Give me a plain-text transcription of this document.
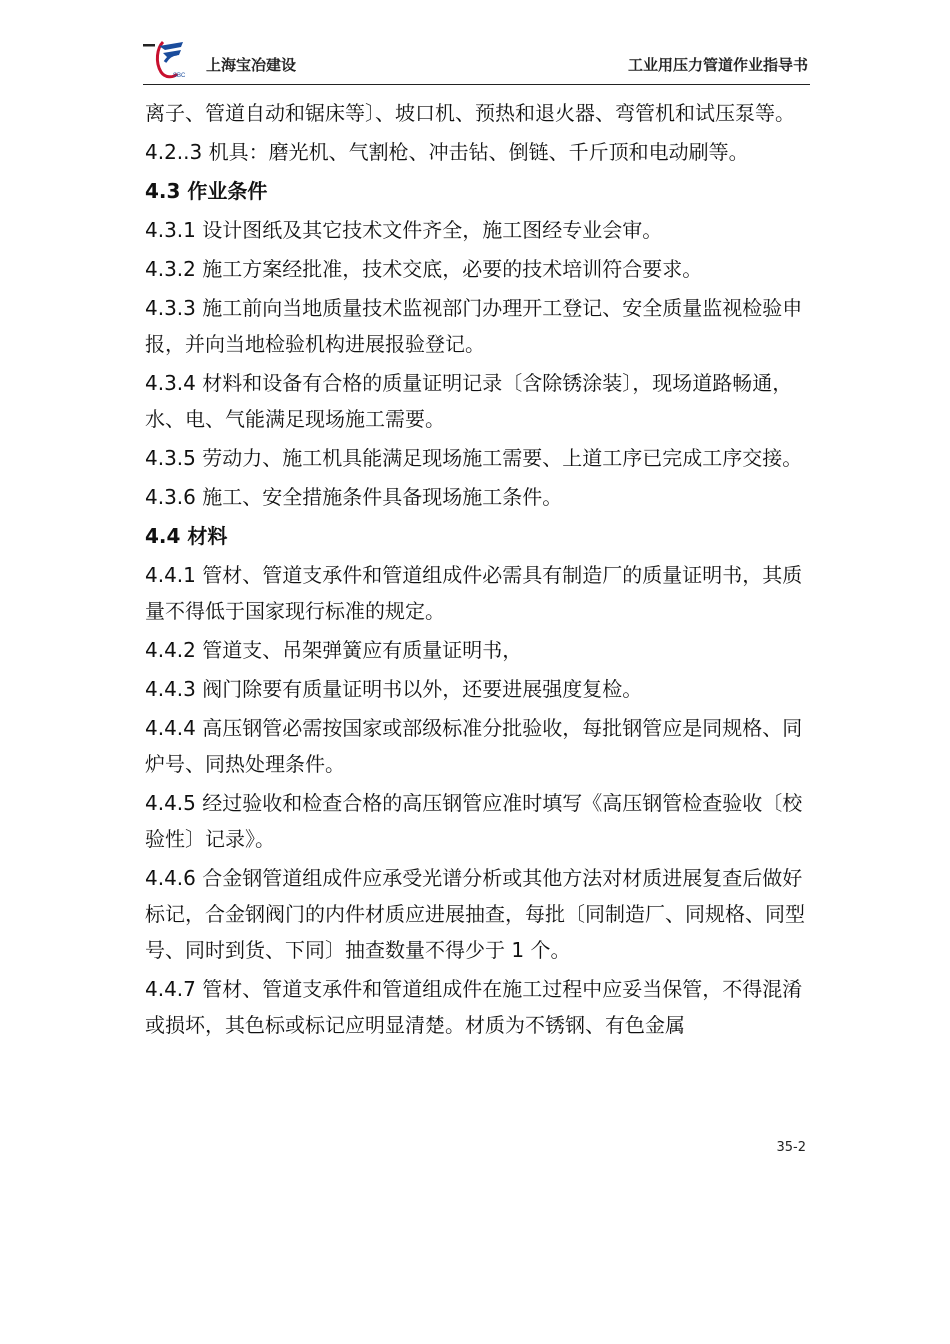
SBC
上海宝冶建设	工业用压力管道作业指导书
离子、管道自动和锯床等〕、坡口机、预热和退火器、弯管机和试压泵等。
4.2..3 机具：磨光机、气割枪、冲击钻、倒链、千斤顶和电动刷等。
4.3 作业条件
4.3.1 设计图纸及其它技术文件齐全，施工图经专业会审。
4.3.2 施工方案经批准，技术交底，必要的技术培训符合要求。
4.3.3 施工前向当地质量技术监视部门办理开工登记、安全质量监视检验申报，并向当地检验机构进展报验登记。
4.3.4 材料和设备有合格的质量证明记录〔含除锈涂装〕，现场道路畅通，水、电、气能满足现场施工需要。
4.3.5 劳动力、施工机具能满足现场施工需要、上道工序已完成工序交接。
4.3.6 施工、安全措施条件具备现场施工条件。
4.4 材料
4.4.1 管材、管道支承件和管道组成件必需具有制造厂的质量证明书，其质量不得低于国家现行标准的规定。
4.4.2 管道支、吊架弹簧应有质量证明书，
4.4.3 阀门除要有质量证明书以外，还要进展强度复检。
4.4.4 高压钢管必需按国家或部级标准分批验收，每批钢管应是同规格、同炉号、同热处理条件。
4.4.5 经过验收和检查合格的高压钢管应准时填写《高压钢管检查验收〔校验性〕记录》。
4.4.6 合金钢管道组成件应承受光谱分析或其他方法对材质进展复查后做好标记，合金钢阀门的内件材质应进展抽查，每批〔同制造厂、同规格、同型号、同时到货、下同〕抽查数量不得少于 1 个。
4.4.7 管材、管道支承件和管道组成件在施工过程中应妥当保管，不得混淆或损坏，其色标或标记应明显清楚。材质为不锈钢、有色金属
35-2
